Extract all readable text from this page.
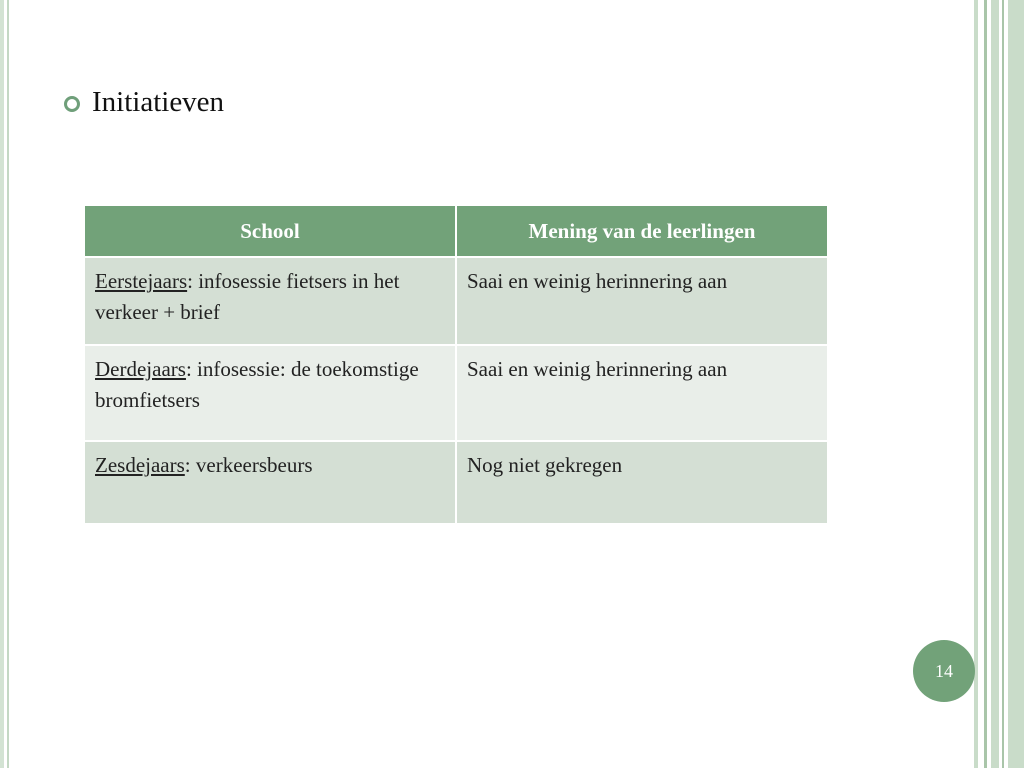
Initiatieven
School	Mening van de leerlingen
Eerstejaars: infosessie fietsers in het verkeer + brief	Saai en weinig herinnering aan
Derdejaars: infosessie: de toekomstige bromfietsers	Saai en weinig herinnering aan
Zesdejaars: verkeersbeurs	Nog niet gekregen
14
